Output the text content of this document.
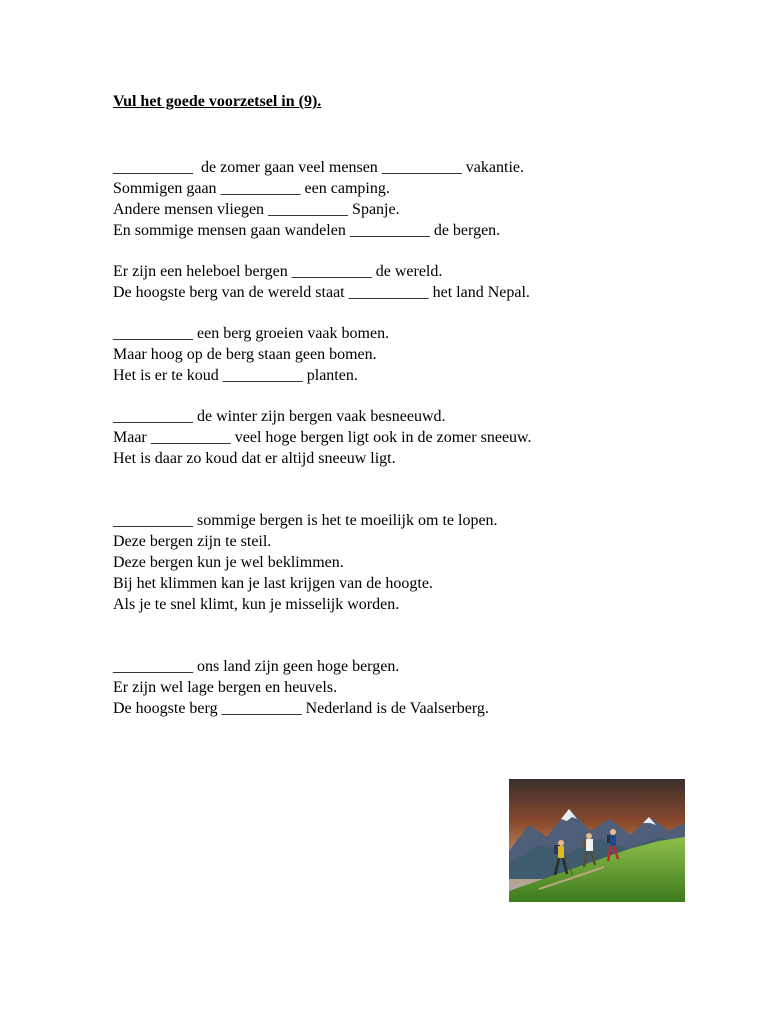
Vul het goede voorzetsel in (9).
__________  de zomer gaan veel mensen __________ vakantie.
Sommigen gaan __________ een camping.
Andere mensen vliegen __________ Spanje.
En sommige mensen gaan wandelen __________ de bergen.
Er zijn een heleboel bergen __________ de wereld.
De hoogste berg van de wereld staat __________ het land Nepal.
__________ een berg groeien vaak bomen.
Maar hoog op de berg staan geen bomen.
Het is er te koud __________ planten.
__________ de winter zijn bergen vaak besneeuwd.
Maar __________ veel hoge bergen ligt ook in de zomer sneeuw.
Het is daar zo koud dat er altijd sneeuw ligt.
__________ sommige bergen is het te moeilijk om te lopen.
Deze bergen zijn te steil.
Deze bergen kun je wel beklimmen.
Bij het klimmen kan je last krijgen van de hoogte.
Als je te snel klimt, kun je misselijk worden.
__________ ons land zijn geen hoge bergen.
Er zijn wel lage bergen en heuvels.
De hoogste berg __________ Nederland is de Vaalserberg.
